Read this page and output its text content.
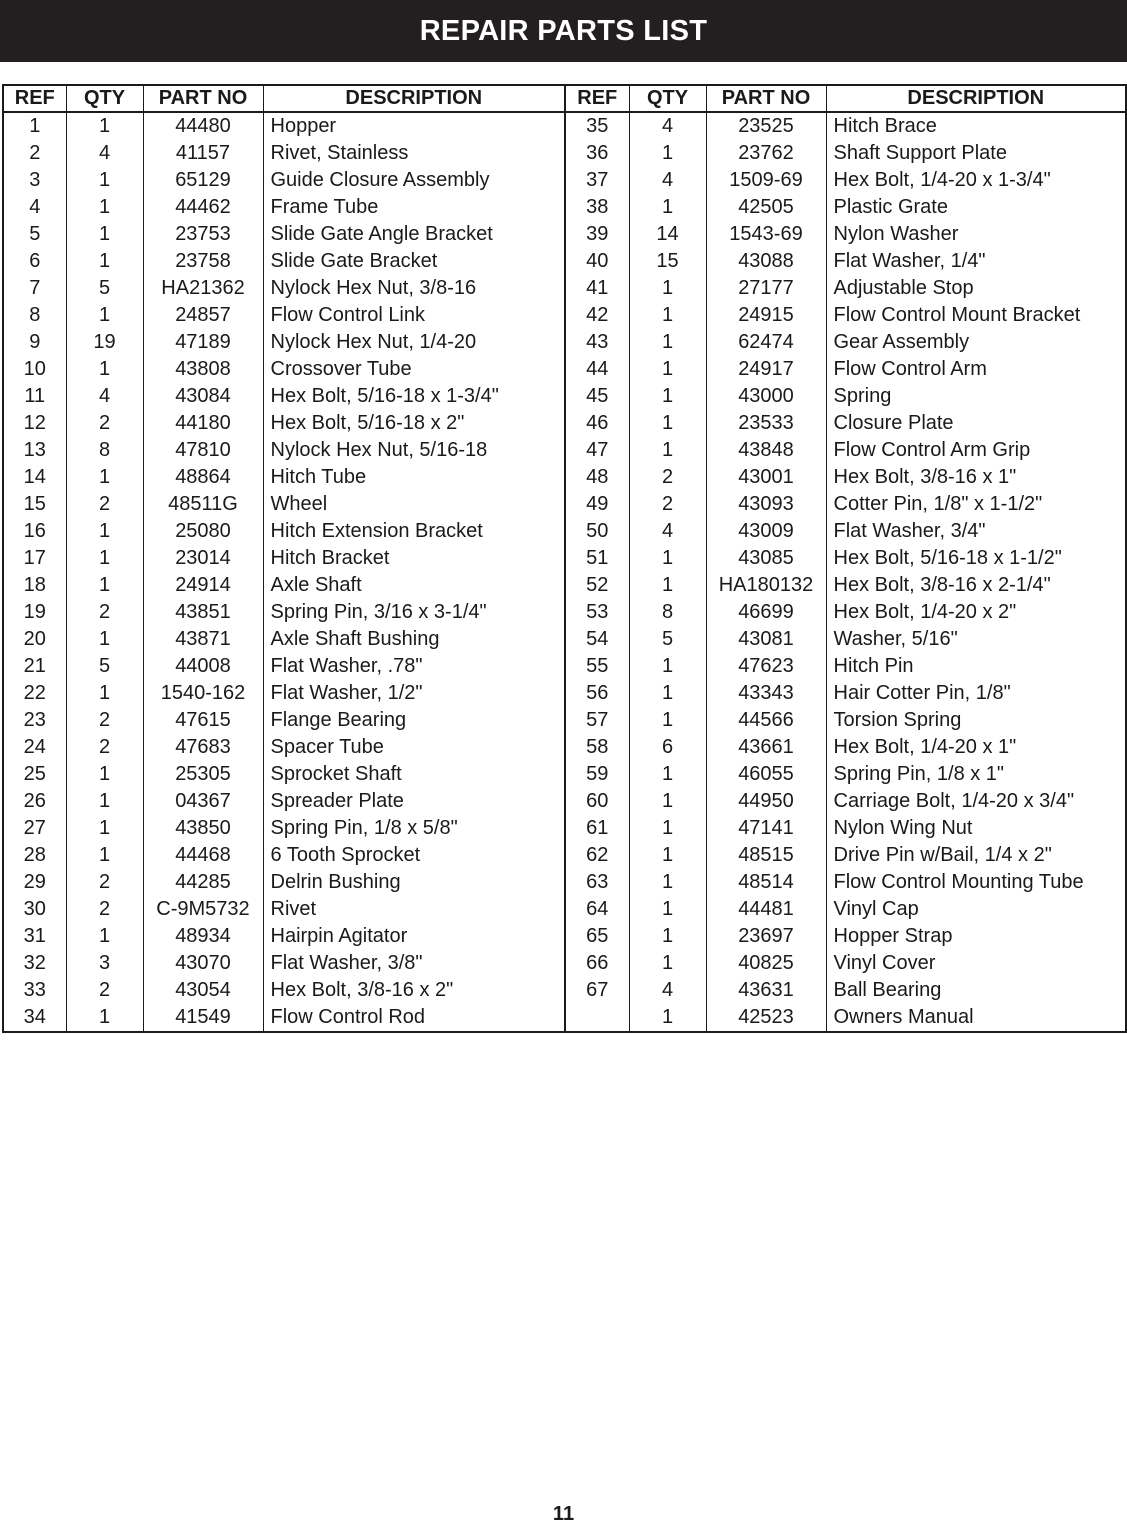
REPAIR PARTS LIST
REF	QTY	PART NO	DESCRIPTION	REF	QTY	PART NO	DESCRIPTION
1	1	44480	Hopper	35	4	23525	Hitch Brace
2	4	41157	Rivet, Stainless	36	1	23762	Shaft Support Plate
3	1	65129	Guide Closure Assembly	37	4	1509-69	Hex Bolt, 1/4-20 x 1-3/4"
4	1	44462	Frame Tube	38	1	42505	Plastic Grate
5	1	23753	Slide Gate Angle Bracket	39	14	1543-69	Nylon Washer
6	1	23758	Slide Gate Bracket	40	15	43088	Flat Washer, 1/4"
7	5	HA21362	Nylock Hex Nut, 3/8-16	41	1	27177	Adjustable Stop
8	1	24857	Flow Control Link	42	1	24915	Flow Control Mount Bracket
9	19	47189	Nylock Hex Nut, 1/4-20	43	1	62474	Gear Assembly
10	1	43808	Crossover Tube	44	1	24917	Flow Control Arm
11	4	43084	Hex Bolt, 5/16-18 x 1-3/4"	45	1	43000	Spring
12	2	44180	Hex Bolt, 5/16-18 x 2"	46	1	23533	Closure Plate
13	8	47810	Nylock Hex Nut, 5/16-18	47	1	43848	Flow Control Arm Grip
14	1	48864	Hitch Tube	48	2	43001	Hex Bolt, 3/8-16 x 1"
15	2	48511G	Wheel	49	2	43093	Cotter Pin, 1/8" x 1-1/2"
16	1	25080	Hitch Extension Bracket	50	4	43009	Flat Washer, 3/4"
17	1	23014	Hitch Bracket	51	1	43085	Hex Bolt, 5/16-18 x 1-1/2"
18	1	24914	Axle Shaft	52	1	HA180132	Hex Bolt, 3/8-16 x 2-1/4"
19	2	43851	Spring Pin, 3/16 x 3-1/4"	53	8	46699	Hex Bolt, 1/4-20 x 2"
20	1	43871	Axle Shaft Bushing	54	5	43081	Washer, 5/16"
21	5	44008	Flat Washer, .78"	55	1	47623	Hitch Pin
22	1	1540-162	Flat Washer, 1/2"	56	1	43343	Hair Cotter Pin, 1/8"
23	2	47615	Flange Bearing	57	1	44566	Torsion Spring
24	2	47683	Spacer Tube	58	6	43661	Hex Bolt, 1/4-20 x 1"
25	1	25305	Sprocket Shaft	59	1	46055	Spring Pin, 1/8 x 1"
26	1	04367	Spreader Plate	60	1	44950	Carriage Bolt, 1/4-20 x 3/4"
27	1	43850	Spring Pin, 1/8 x 5/8"	61	1	47141	Nylon Wing Nut
28	1	44468	6 Tooth Sprocket	62	1	48515	Drive Pin w/Bail, 1/4 x 2"
29	2	44285	Delrin Bushing	63	1	48514	Flow Control Mounting Tube
30	2	C-9M5732	Rivet	64	1	44481	Vinyl Cap
31	1	48934	Hairpin Agitator	65	1	23697	Hopper Strap
32	3	43070	Flat Washer, 3/8"	66	1	40825	Vinyl Cover
33	2	43054	Hex Bolt, 3/8-16 x 2"	67	4	43631	Ball Bearing
34	1	41549	Flow Control Rod		1	42523	Owners Manual
11
